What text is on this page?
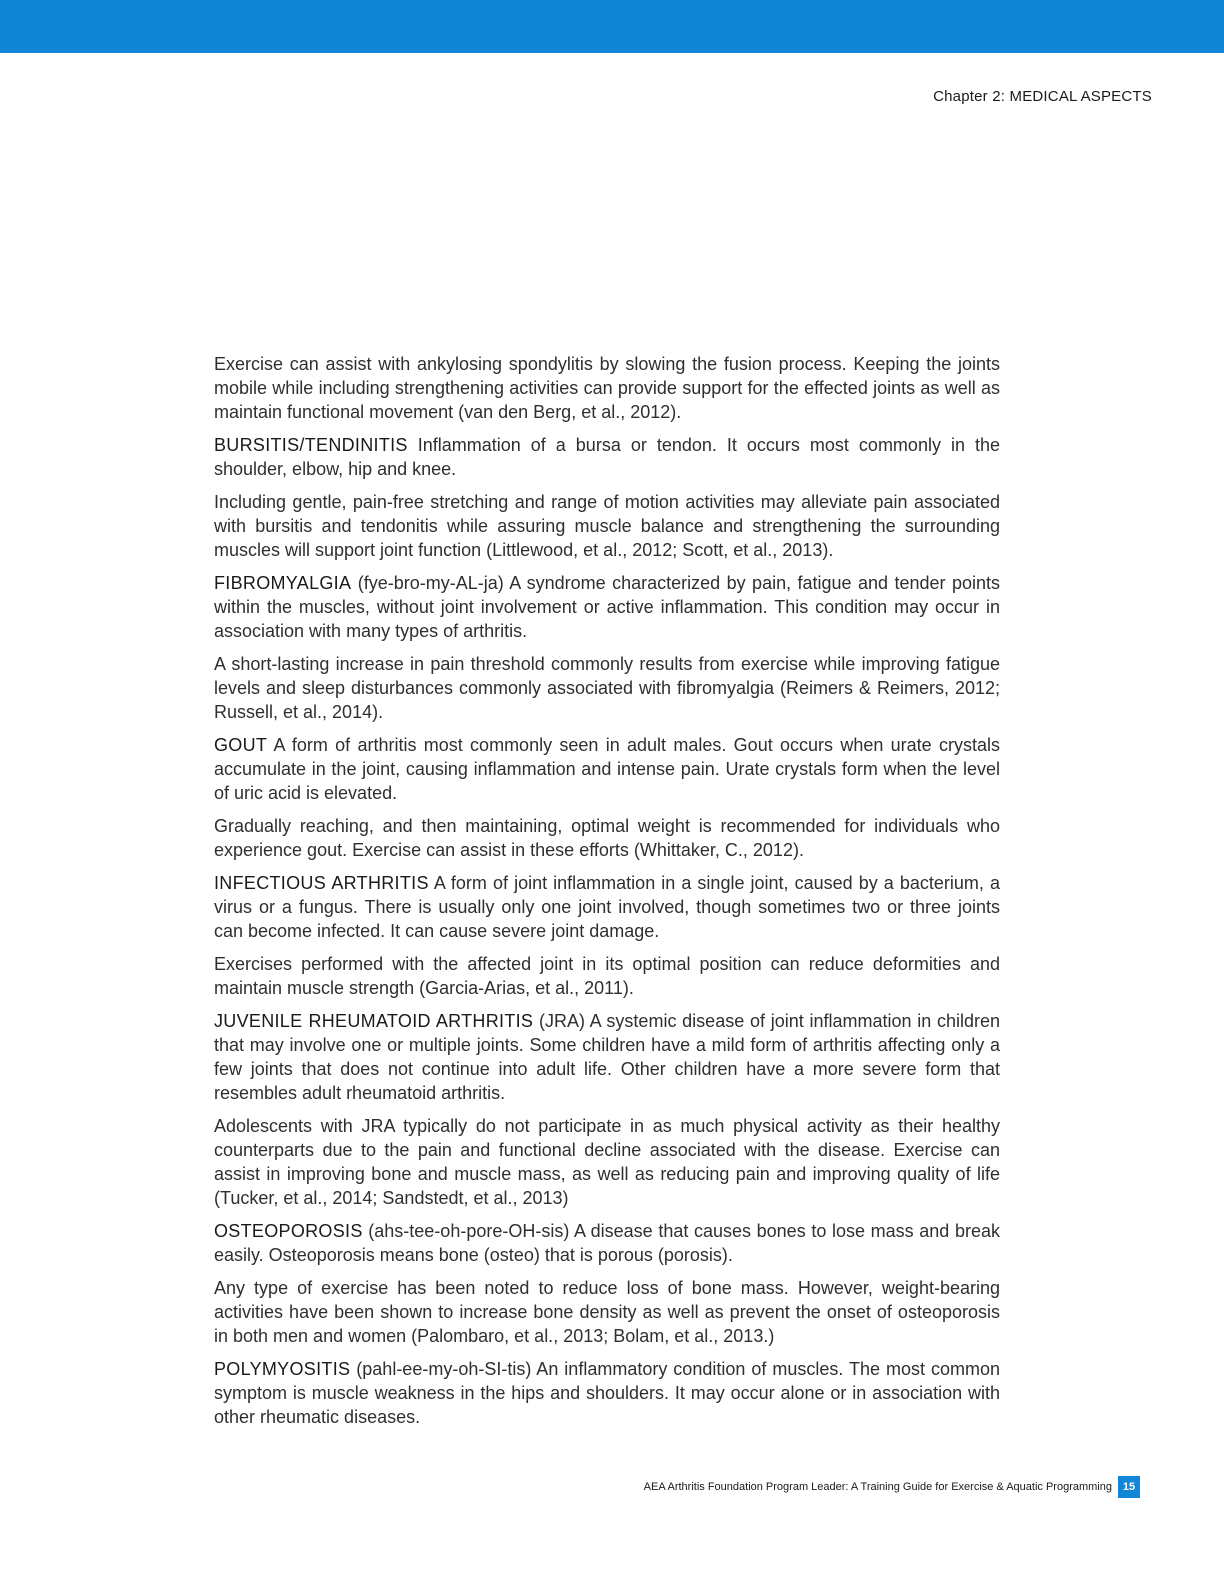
Chapter 2: MEDICAL ASPECTS

Exercise can assist with ankylosing spondylitis by slowing the fusion process. Keeping the joints mobile while including strengthening activities can provide support for the effected joints as well as maintain functional movement (van den Berg, et al., 2012).

BURSITIS/TENDINITIS Inflammation of a bursa or tendon. It occurs most commonly in the shoulder, elbow, hip and knee.

Including gentle, pain-free stretching and range of motion activities may alleviate pain associated with bursitis and tendonitis while assuring muscle balance and strengthening the surrounding muscles will support joint function (Littlewood, et al., 2012; Scott, et al., 2013).

FIBROMYALGIA (fye-bro-my-AL-ja) A syndrome characterized by pain, fatigue and tender points within the muscles, without joint involvement or active inflammation. This condition may occur in association with many types of arthritis.

A short-lasting increase in pain threshold commonly results from exercise while improving fatigue levels and sleep disturbances commonly associated with fibromyalgia (Reimers & Reimers, 2012; Russell, et al., 2014).

GOUT A form of arthritis most commonly seen in adult males. Gout occurs when urate crystals accumulate in the joint, causing inflammation and intense pain. Urate crystals form when the level of uric acid is elevated.

Gradually reaching, and then maintaining, optimal weight is recommended for individuals who experience gout. Exercise can assist in these efforts (Whittaker, C., 2012).

INFECTIOUS ARTHRITIS A form of joint inflammation in a single joint, caused by a bacterium, a virus or a fungus. There is usually only one joint involved, though sometimes two or three joints can become infected. It can cause severe joint damage.

Exercises performed with the affected joint in its optimal position can reduce deformities and maintain muscle strength (Garcia-Arias, et al., 2011).

JUVENILE RHEUMATOID ARTHRITIS (JRA) A systemic disease of joint inflammation in children that may involve one or multiple joints. Some children have a mild form of arthritis affecting only a few joints that does not continue into adult life. Other children have a more severe form that resembles adult rheumatoid arthritis.

Adolescents with JRA typically do not participate in as much physical activity as their healthy counterparts due to the pain and functional decline associated with the disease. Exercise can assist in improving bone and muscle mass, as well as reducing pain and improving quality of life (Tucker, et al., 2014; Sandstedt, et al., 2013)

OSTEOPOROSIS (ahs-tee-oh-pore-OH-sis) A disease that causes bones to lose mass and break easily. Osteoporosis means bone (osteo) that is porous (porosis).

Any type of exercise has been noted to reduce loss of bone mass. However, weight-bearing activities have been shown to increase bone density as well as prevent the onset of osteoporosis in both men and women (Palombaro, et al., 2013; Bolam, et al., 2013.)

POLYMYOSITIS (pahl-ee-my-oh-SI-tis) An inflammatory condition of muscles. The most common symptom is muscle weakness in the hips and shoulders. It may occur alone or in association with other rheumatic diseases.

AEA Arthritis Foundation Program Leader: A Training Guide for Exercise & Aquatic Programming 15
